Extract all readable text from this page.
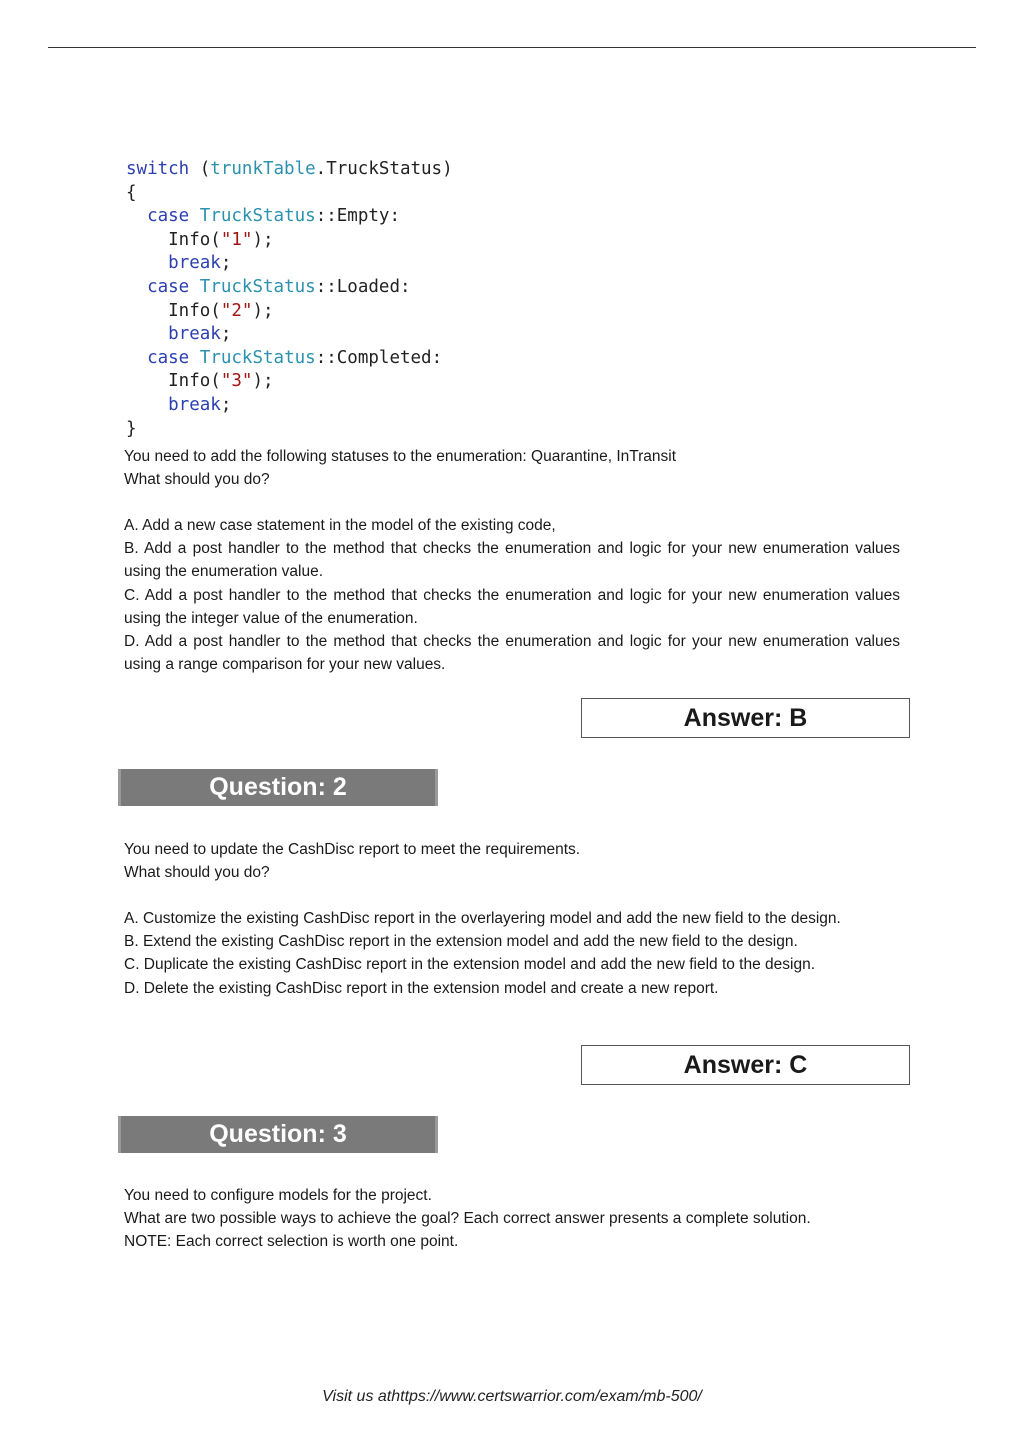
switch (trunkTable.TruckStatus)
{
case TruckStatus::Empty:
Info("1");
break;
case TruckStatus::Loaded:
Info("2");
break;
case TruckStatus::Completed:
Info("3");
break;
}

You need to add the following statuses to the enumeration: Quarantine, InTransit

What should you do?

A. Add a new case statement in the model of the existing code,

B. Add a post handler to the method that checks the enumeration and logic for your new enumeration values using the enumeration value.

C. Add a post handler to the method that checks the enumeration and logic for your new enumeration values using the integer value of the enumeration.

D. Add a post handler to the method that checks the enumeration and logic for your new enumeration values using a range comparison for your new values.

Answer: B
Question: 2

You need to update the CashDisc report to meet the requirements.

What should you do?

A. Customize the existing CashDisc report in the overlayering model and add the new field to the design.

B. Extend the existing CashDisc report in the extension model and add the new field to the design.

C. Duplicate the existing CashDisc report in the extension model and add the new field to the design.

D. Delete the existing CashDisc report in the extension model and create a new report.

Answer: C
Question: 3

You need to configure models for the project.

What are two possible ways to achieve the goal? Each correct answer presents a complete solution.

NOTE: Each correct selection is worth one point.

Visit us athttps://www.certswarrior.com/exam/mb-500/
